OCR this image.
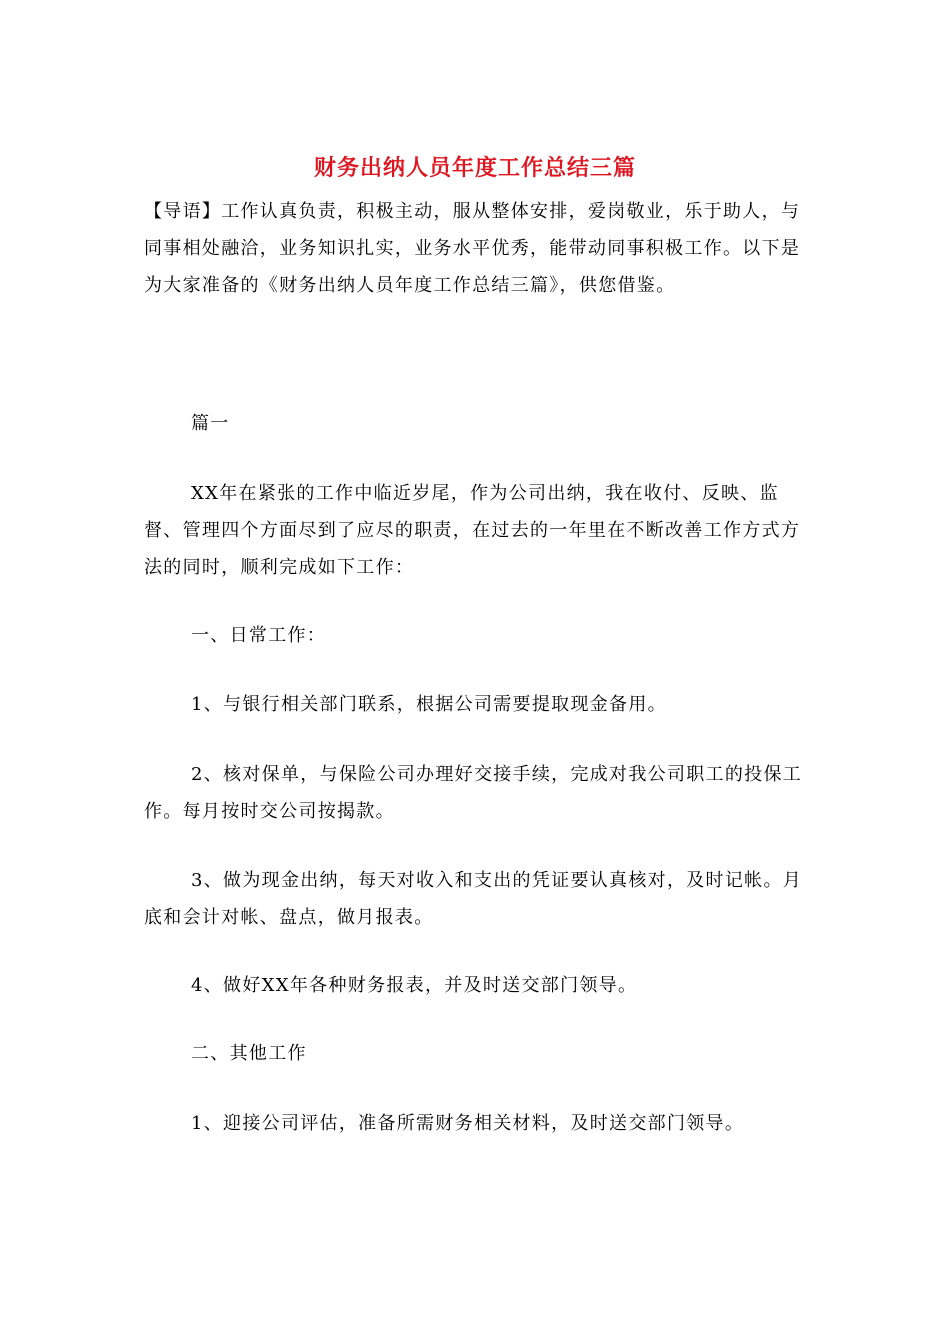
财务出纳人员年度工作总结三篇
【导语】工作认真负责，积极主动，服从整体安排，爱岗敬业，乐于助人，与同事相处融洽，业务知识扎实，业务水平优秀，能带动同事积极工作。以下是为大家准备的《财务出纳人员年度工作总结三篇》，供您借鉴。
篇一
XX年在紧张的工作中临近岁尾，作为公司出纳，我在收付、反映、监督、管理四个方面尽到了应尽的职责，在过去的一年里在不断改善工作方式方法的同时，顺利完成如下工作：
一、日常工作：
1、与银行相关部门联系，根据公司需要提取现金备用。
2、核对保单，与保险公司办理好交接手续，完成对我公司职工的投保工作。每月按时交公司按揭款。
3、做为现金出纳，每天对收入和支出的凭证要认真核对，及时记帐。月底和会计对帐、盘点，做月报表。
4、做好XX年各种财务报表，并及时送交部门领导。
二、其他工作
1、迎接公司评估，准备所需财务相关材料，及时送交部门领导。
